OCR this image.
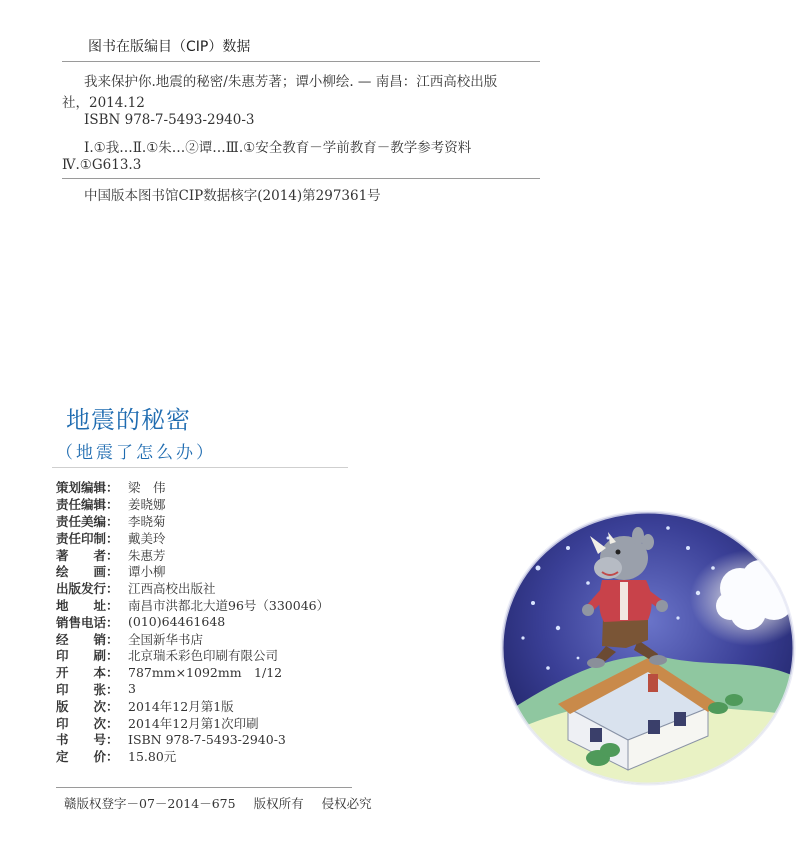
图书在版编目（CIP）数据
我来保护你.地震的秘密/朱惠芳著；谭小柳绘. — 南昌：江西高校出版
社，2014.12
ISBN 978-7-5493-2940-3
Ⅰ.①我…Ⅱ.①朱…②谭…Ⅲ.①安全教育－学前教育－教学参考资料
Ⅳ.①G613.3
中国版本图书馆CIP数据核字(2014)第297361号
地震的秘密
（地震了怎么办）
策划编辑： 梁　伟
责任编辑： 姜晓娜
责任美编： 李晓菊
责任印制： 戴美玲
著　　者： 朱惠芳
绘　　画： 谭小柳
出版发行： 江西高校出版社
地　　址： 南昌市洪都北大道96号（330046）
销售电话： (010)64461648
经　　销： 全国新华书店
印　　刷： 北京瑞禾彩色印刷有限公司
开　　本： 787mm×1092mm　1/12
印　　张： 3
版　　次： 2014年12月第1版
印　　次： 2014年12月第1次印刷
书　　号： ISBN 978-7-5493-2940-3
定　　价： 15.80元
赣版权登字－07－2014－675 版权所有 侵权必究
